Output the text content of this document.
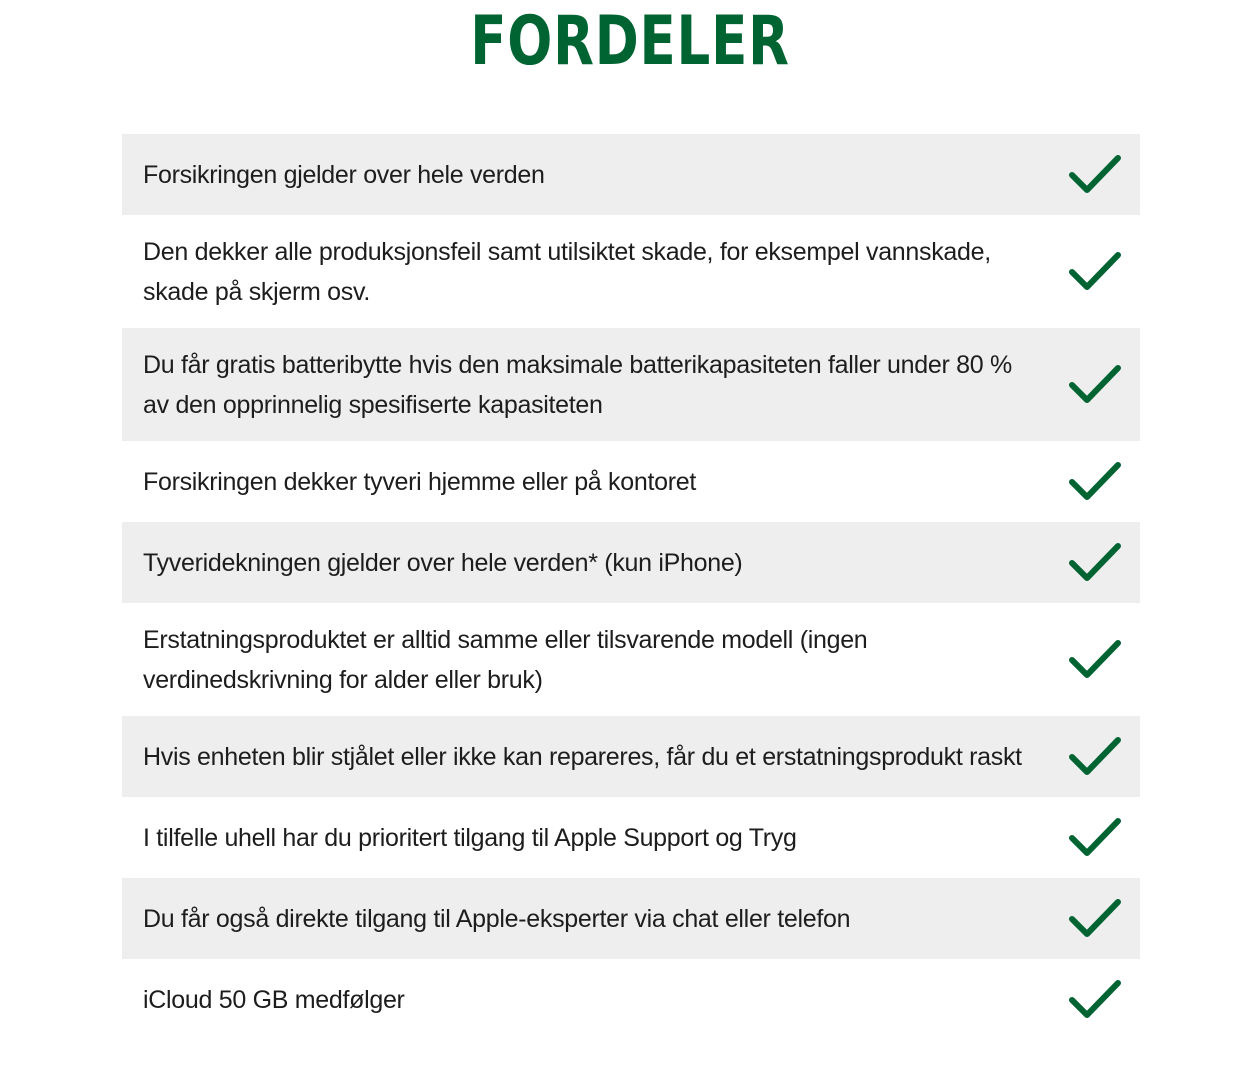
FORDELER
Forsikringen gjelder over hele verden
Den dekker alle produksjonsfeil samt utilsiktet skade, for eksempel vannskade, skade på skjerm osv.
Du får gratis batteribytte hvis den maksimale batterikapasiteten faller under 80 % av den opprinnelig spesifiserte kapasiteten
Forsikringen dekker tyveri hjemme eller på kontoret
Tyveridekningen gjelder over hele verden* (kun iPhone)
Erstatningsproduktet er alltid samme eller tilsvarende modell (ingen verdinedskrivning for alder eller bruk)
Hvis enheten blir stjålet eller ikke kan repareres, får du et erstatningsprodukt raskt
I tilfelle uhell har du prioritert tilgang til Apple Support og Tryg
Du får også direkte tilgang til Apple-eksperter via chat eller telefon
iCloud 50 GB medfølger
